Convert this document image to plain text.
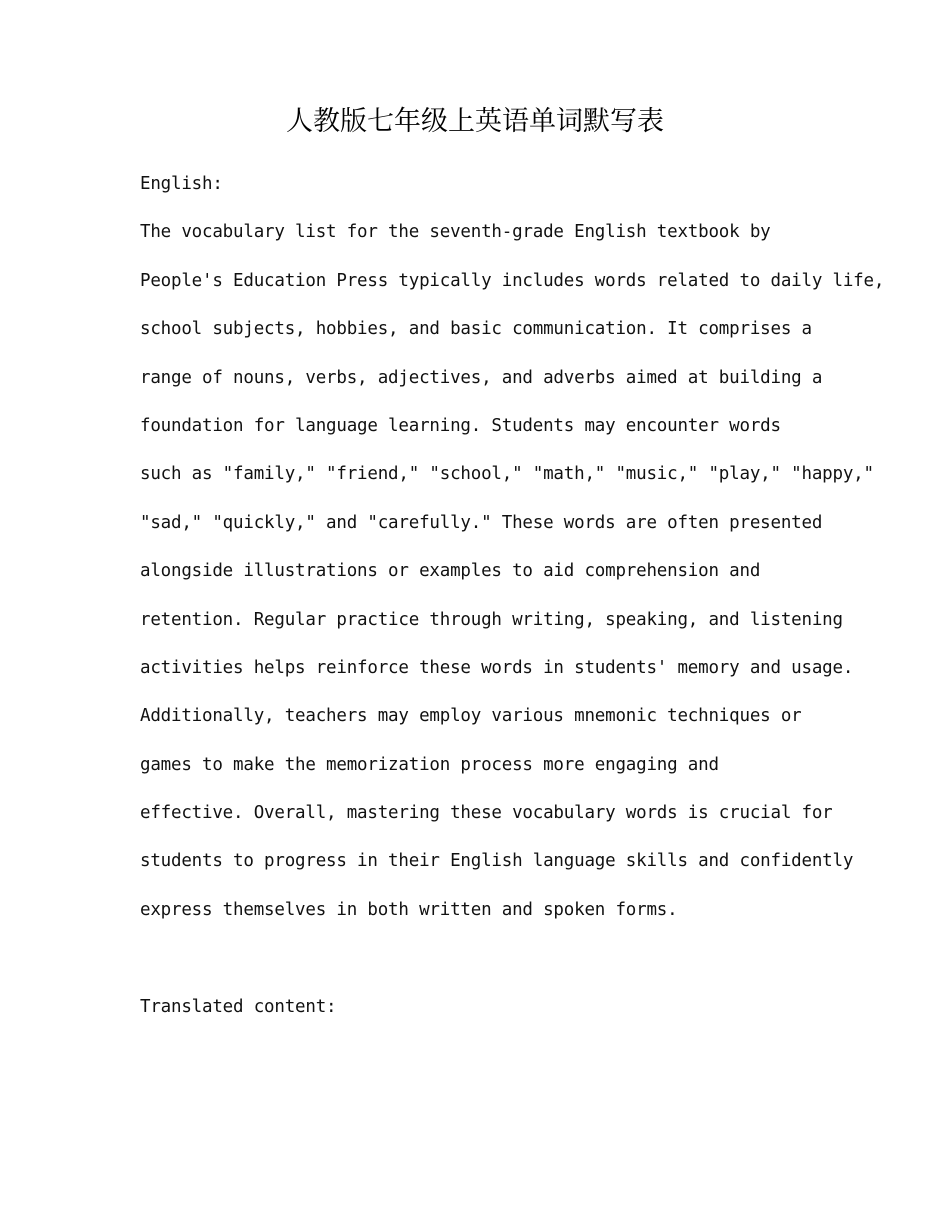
人教版七年级上英语单词默写表
English:
The vocabulary list for the seventh-grade English textbook by
People's Education Press typically includes words related to daily life,
school subjects, hobbies, and basic communication. It comprises a
range of nouns, verbs, adjectives, and adverbs aimed at building a
foundation for language learning. Students may encounter words
such as "family," "friend," "school," "math," "music," "play," "happy,"
"sad," "quickly," and "carefully." These words are often presented
alongside illustrations or examples to aid comprehension and
retention. Regular practice through writing, speaking, and listening
activities helps reinforce these words in students' memory and usage.
Additionally, teachers may employ various mnemonic techniques or
games to make the memorization process more engaging and
effective. Overall, mastering these vocabulary words is crucial for
students to progress in their English language skills and confidently
express themselves in both written and spoken forms.
Translated content:
